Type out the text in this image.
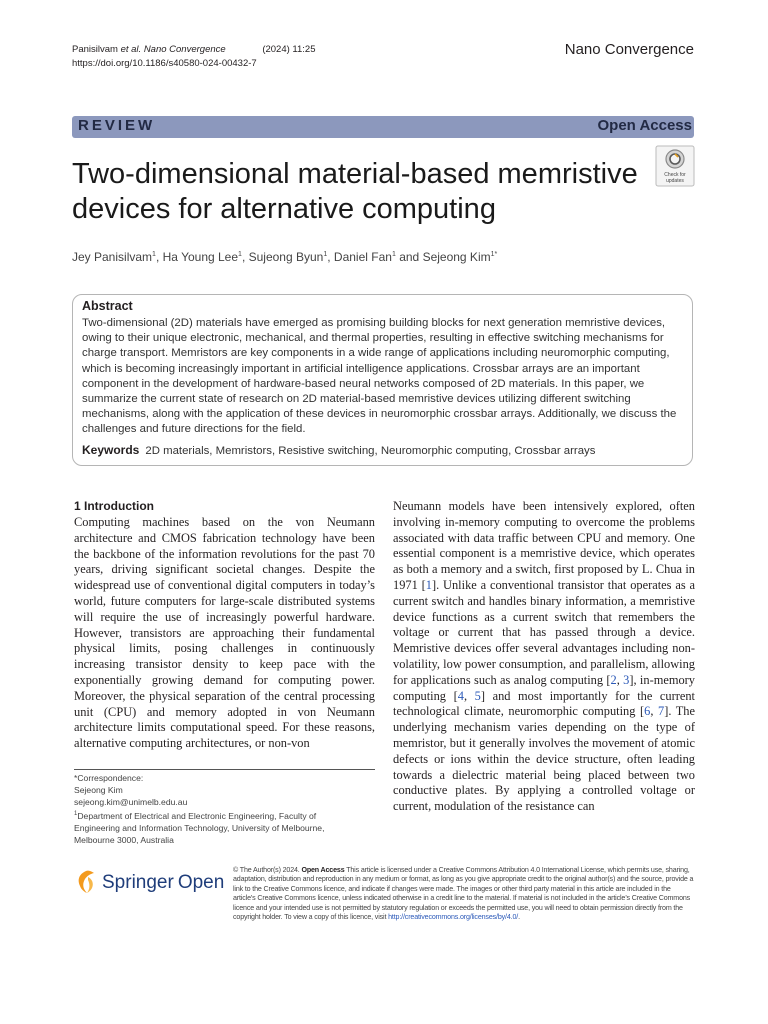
Panisilvam et al. Nano Convergence	(2024) 11:25
https://doi.org/10.1186/s40580-024-00432-7
Nano Convergence
REVIEW	Open Access
Two-dimensional material-based memristive devices for alternative computing
Check for
updates
Jey Panisilvam$^1$, Ha Young Lee$^1$, Sujeong Byun$^1$, Daniel Fan$^1$ and Sejeong Kim$^{1*}$
Abstract
Two-dimensional (2D) materials have emerged as promising building blocks for next generation memristive devices, owing to their unique electronic, mechanical, and thermal properties, resulting in effective switching mechanisms for charge transport. Memristors are key components in a wide range of applications including neuromorphic computing, which is becoming increasingly important in artificial intelligence applications. Crossbar arrays are an important component in the development of hardware-based neural networks composed of 2D materials. In this paper, we summarize the current state of research on 2D material-based memristive devices utilizing different switching mechanisms, along with the application of these devices in neuromorphic crossbar arrays. Additionally, we discuss the challenges and future directions for the field.
Keywords 2D materials, Memristors, Resistive switching, Neuromorphic computing, Crossbar arrays
1 Introduction
Computing machines based on the von Neumann architecture and CMOS fabrication technology have been the backbone of the information revolutions for the past 70 years, driving significant societal changes. Despite the widespread use of conventional digital computers in today’s world, future computers for large-scale distributed systems will require the use of increasingly powerful hardware. However, transistors are approaching their fundamental physical limits, posing challenges in continuously increasing transistor density to keep pace with the exponentially growing demand for computing power. Moreover, the physical separation of the central processing unit (CPU) and memory adopted in von Neumann architecture limits computational speed. For these reasons, alternative computing architectures, or non-von
Neumann models have been intensively explored, often involving in-memory computing to overcome the problems associated with data traffic between CPU and memory. One essential component is a memristive device, which operates as both a memory and a switch, first proposed by L. Chua in 1971 [1]. Unlike a conventional transistor that operates as a current switch and handles binary information, a memristive device functions as a current switch that remembers the voltage or current that has passed through a device. Memristive devices offer several advantages including non-volatility, low power consumption, and parallelism, allowing for applications such as analog computing [2, 3], in-memory computing [4, 5] and most importantly for the current technological climate, neuromorphic computing [6, 7]. The underlying mechanism varies depending on the type of memristor, but it generally involves the movement of atomic defects or ions within the device structure, often leading towards a dielectric material being placed between two conductive plates. By applying a controlled voltage or current, modulation of the resistance can
*Correspondence:
Sejeong Kim
sejeong.kim@unimelb.edu.au
$^1$Department of Electrical and Electronic Engineering, Faculty of
Engineering and Information Technology, University of Melbourne,
Melbourne 3000, Australia
Springer Open
© The Author(s) 2024. Open Access This article is licensed under a Creative Commons Attribution 4.0 International License, which permits use, sharing, adaptation, distribution and reproduction in any medium or format, as long as you give appropriate credit to the original author(s) and the source, provide a link to the Creative Commons licence, and indicate if changes were made. The images or other third party material in this article are included in the article’s Creative Commons licence, unless indicated otherwise in a credit line to the material. If material is not included in the article’s Creative Commons licence and your intended use is not permitted by statutory regulation or exceeds the permitted use, you will need to obtain permission directly from the copyright holder. To view a copy of this licence, visit http://creativecommons.org/licenses/by/4.0/.
